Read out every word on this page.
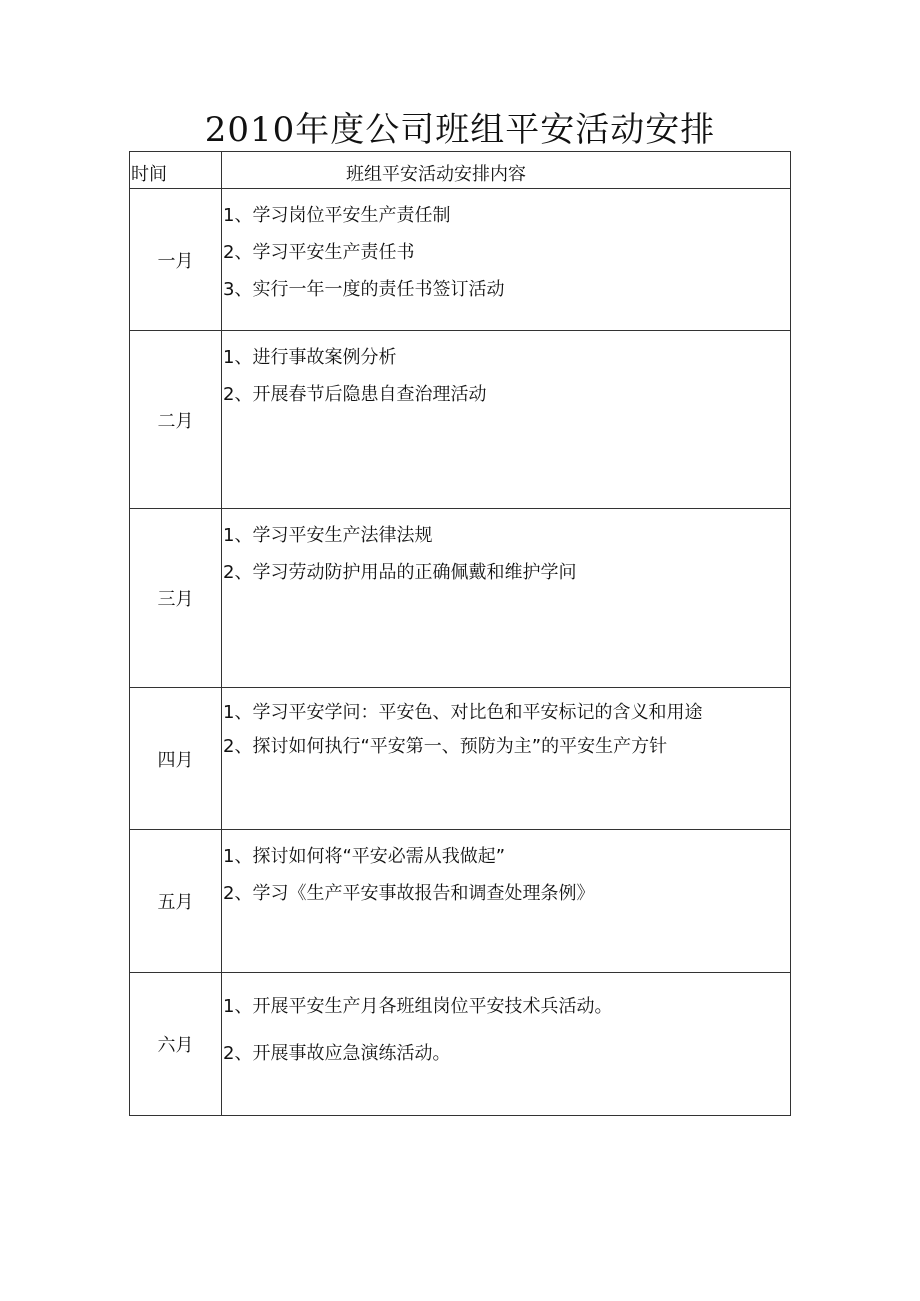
2010年度公司班组平安活动安排
时间	班组平安活动安排内容
一月	1、学习岗位平安生产责任制
2、学习平安生产责任书
3、实行一年一度的责任书签订活动

二月	1、进行事故案例分析
2、开展春节后隐患自查治理活动

三月	1、学习平安生产法律法规
2、学习劳动防护用品的正确佩戴和维护学问

四月	1、学习平安学问：平安色、对比色和平安标记的含义和用途
2、探讨如何执行“平安第一、预防为主”的平安生产方针

五月	1、探讨如何将“平安必需从我做起”
2、学习《生产平安事故报告和调查处理条例》

六月	1、开展平安生产月各班组岗位平安技术兵活动。
2、开展事故应急演练活动。
